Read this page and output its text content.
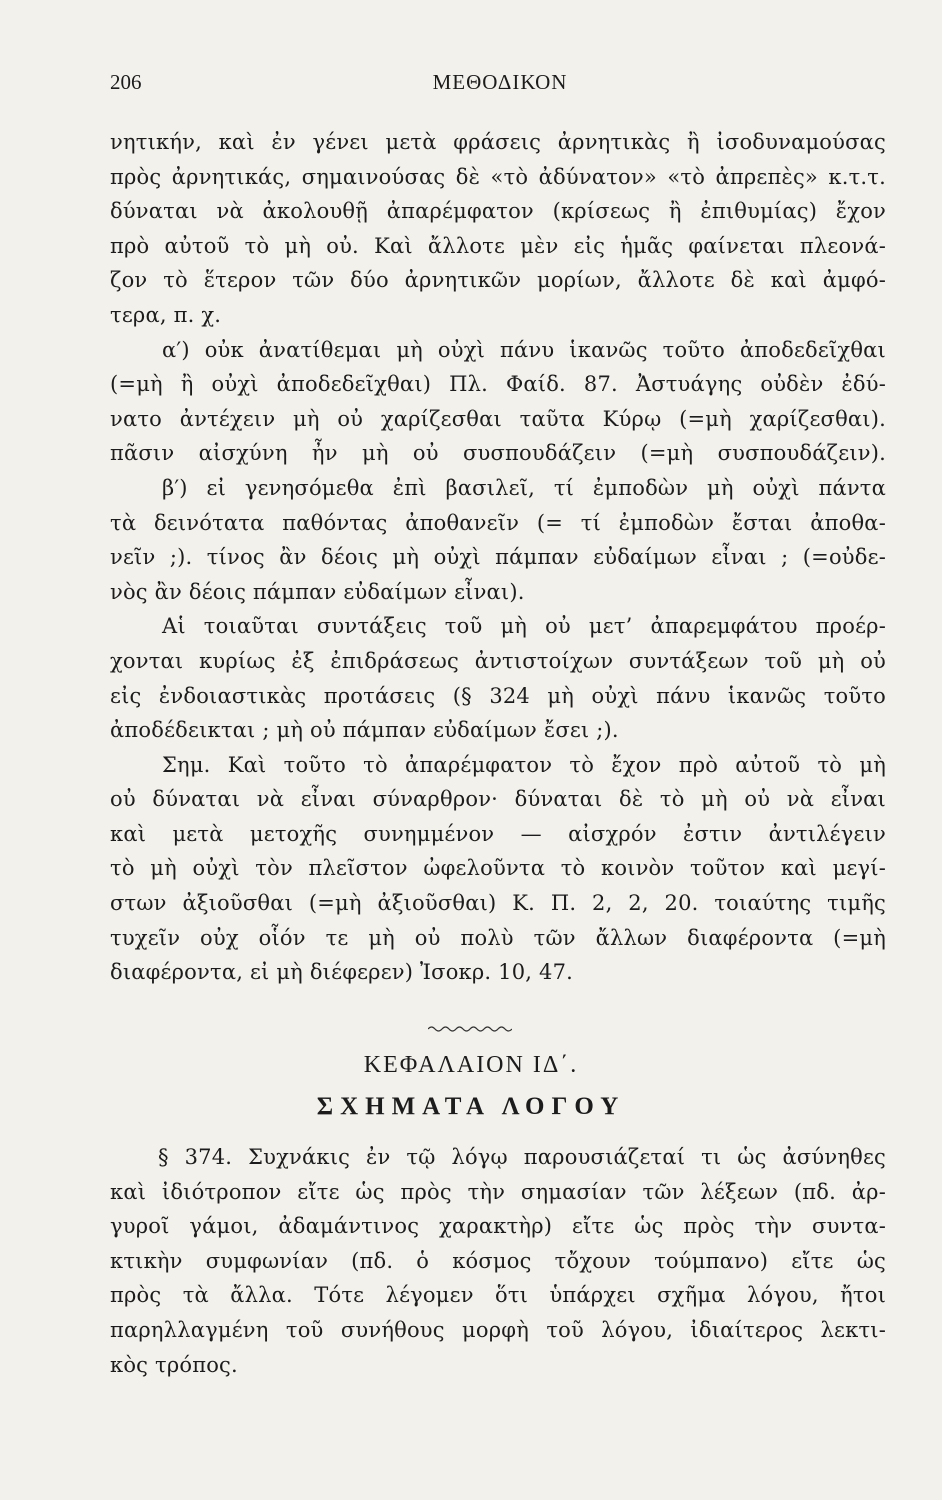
206	ΜΕΘΟΔΙΚΟΝ
νητικήν, καὶ ἐν γένει μετὰ φράσεις ἀρνητικὰς ἢ ἰσοδυναμούσας
πρὸς ἀρνητικάς, σημαινούσας δὲ «τὸ ἀδύνατον» «τὸ ἀπρεπὲς» κ.τ.τ.
δύναται νὰ ἀκολουθῇ ἀπαρέμφατον (κρίσεως ἢ ἐπιθυμίας) ἔχον
πρὸ αὐτοῦ τὸ μὴ οὐ. Καὶ ἄλλοτε μὲν εἰς ἡμᾶς φαίνεται πλεονά-
ζον τὸ ἕτερον τῶν δύο ἀρνητικῶν μορίων, ἄλλοτε δὲ καὶ ἀμφό-
τερα, π. χ.
α′) οὐκ ἀνατίθεμαι μὴ οὐχὶ πάνυ ἱκανῶς τοῦτο ἀποδεδεῖχθαι
(=μὴ ἢ οὐχὶ ἀποδεδεῖχθαι) Πλ. Φαίδ. 87. Ἀστυάγης οὐδὲν ἐδύ-
νατο ἀντέχειν μὴ οὐ χαρίζεσθαι ταῦτα Κύρῳ (=μὴ χαρίζεσθαι).
πᾶσιν αἰσχύνη ἦν μὴ οὐ συσπουδάζειν (=μὴ συσπουδάζειν).
β′) εἰ γενησόμεθα ἐπὶ βασιλεῖ, τί ἐμποδὼν μὴ οὐχὶ πάντα
τὰ δεινότατα παθόντας ἀποθανεῖν (= τί ἐμποδὼν ἔσται ἀποθα-
νεῖν ;). τίνος ἂν δέοις μὴ οὐχὶ πάμπαν εὐδαίμων εἶναι ; (=οὐδε-
νὸς ἂν δέοις πάμπαν εὐδαίμων εἶναι).
Αἱ τοιαῦται συντάξεις τοῦ μὴ οὐ μετ’ ἀπαρεμφάτου προέρ-
χονται κυρίως ἐξ ἐπιδράσεως ἀντιστοίχων συντάξεων τοῦ μὴ οὐ
εἰς ἐνδοιαστικὰς προτάσεις (§ 324 μὴ οὐχὶ πάνυ ἱκανῶς τοῦτο
ἀποδέδεικται ; μὴ οὐ πάμπαν εὐδαίμων ἔσει ;).
Σημ. Καὶ τοῦτο τὸ ἀπαρέμφατον τὸ ἔχον πρὸ αὐτοῦ τὸ μὴ
οὐ δύναται νὰ εἶναι σύναρθρον· δύναται δὲ τὸ μὴ οὐ νὰ εἶναι
καὶ μετὰ μετοχῆς συνημμένον — αἰσχρόν ἐστιν ἀντιλέγειν
τὸ μὴ οὐχὶ τὸν πλεῖστον ὠφελοῦντα τὸ κοινὸν τοῦτον καὶ μεγί-
στων ἀξιοῦσθαι (=μὴ ἀξιοῦσθαι) Κ. Π. 2, 2, 20. τοιαύτης τιμῆς
τυχεῖν οὐχ οἷόν τε μὴ οὐ πολὺ τῶν ἄλλων διαφέροντα (=μὴ
διαφέροντα, εἰ μὴ διέφερεν) Ἰσοκρ. 10, 47.
ΚΕΦΑΛΑΙΟΝ ΙΔ΄.
ΣΧΗΜΑΤΑ ΛΟΓΟΥ
§ 374. Συχνάκις ἐν τῷ λόγῳ παρουσιάζεταί τι ὡς ἀσύνηθες
καὶ ἰδιότροπον εἴτε ὡς πρὸς τὴν σημασίαν τῶν λέξεων (πδ. ἀρ-
γυροῖ γάμοι, ἀδαμάντινος χαρακτὴρ) εἴτε ὡς πρὸς τὴν συντα-
κτικὴν συμφωνίαν (πδ. ὁ κόσμος τὄχουν τούμπανο) εἴτε ὡς
πρὸς τὰ ἄλλα. Τότε λέγομεν ὅτι ὑπάρχει σχῆμα λόγου, ἤτοι
παρηλλαγμένη τοῦ συνήθους μορφὴ τοῦ λόγου, ἰδιαίτερος λεκτι-
κὸς τρόπος.
